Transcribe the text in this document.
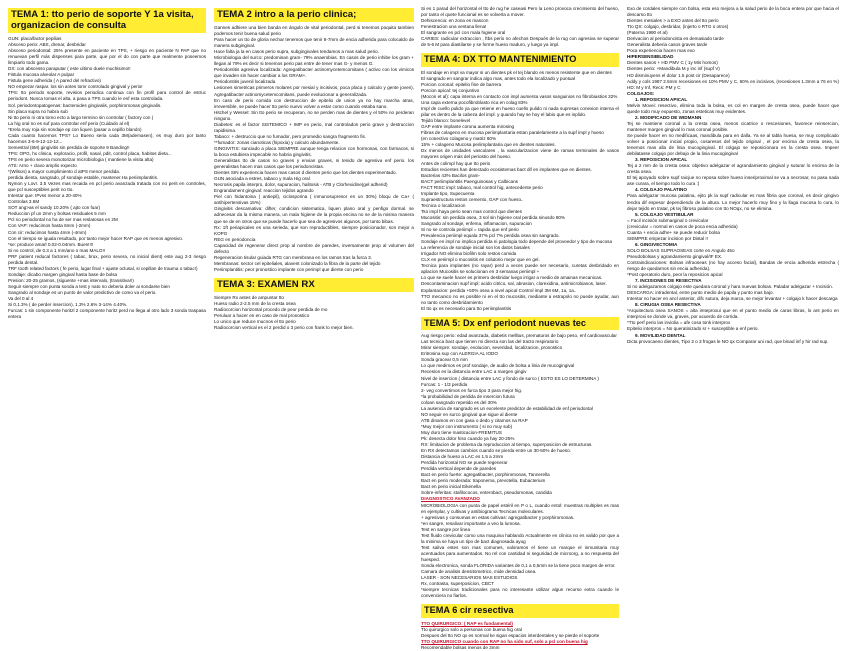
TEMA 1: tto perio de soporte Y 1a visita, organizacion de consulta
GUN: placa/factor pepilias
Absceso perio: ABS, drenar, desbridar
Absceso periodontal: 25% presente en paciente en TPS, + riesgo en paciente N PAP que no renuevan perfil más dispenses para parte, que por el do con parte que realmente poseemos limpiarlo todo gama.
DX: con abscesso paraputar ( este ultimo duele muchisimo!!
Fistula mucosa alveolar A pulpar
Fistula gene adherida ( A pared del refractivo)
NO empezar raspar. los sin antes tomr controlado gingival y perio!
TPS: tto periodo soporte, revision periodica continua con fin profil para control de estruc periodont. Nunca tomas el alta, a pasa a TPS cuando le enf esta controlada.
Sol. periodontopatogenas: bacteroides gingivalis, porphiromonas gingivalis.
Sin placa supra no habra sub
Ni tto perio ni otra tomo ecto a largo termino sin controlar ( factory con )
La hig oral no es suf para controlar enf perio (Cuidado al el)
*Erela muy roja sin sondaje ep con liquen (pasar a cepillo blando)
Cada cuanto hacemos TPS? Lo Bueno seria cada 3M(ademasen), es muy duro por tanto hacemos 3-6-9-12-12-12...
Semestral (6M) gingivitis sin perdida de soporte 9 Banding!!
TPS: OPG, hx clinica, exploracio, profil, nasal, pdit, control placa, habitos dieta...
TPS en perio severa monotorizar microbiologia ( mantiene la visita alta)
ATS: Arno + clavo amplio expecto
*(Wilson) a mayor cumplimiento d atPS menor perdida.
perdida dienta, sangrado, pf sondaje estable, mantener.Ha periimplantitis.
Nymon y Lovr. 3.5 Vezes mas recaida en pcl perio avanzada tratada con no perit en controles, que pcl susceptibles perit no tto.
Intentar que: IPvss menor a 20-40%
Controlas 3.6M
SOT ang>as el sandy 10.20% ( ajto con fuar)
Reduccion pf un 2mm y bolsas residuales 5 mm
Pcl no periodontal no ha de ser mas reslatosas en 2M
Con VAP: reducimos hasta 6mm (-2mm)
Con cir: reducimos hasta 4mm (-4mm)
Con el tiempo se iguala resultado, por tanto mejor hacer RAP que es menos agresivo.
*se: produce amarl 0.02-0.04mm. Buen!!!!
Si no control, de 0.3 a 1 mm/ano o mas MALO!!
PRF patient reducal factores ( tabac, brux, perio severa, no inicial dient) este aug 2-3 riesgo perdida dental.
TRF tooth related factors ( fe perio, lugar final + ajuste oclusal, si cepillan de trauma o tabac!)
Sondaje: dicabo margen gingival hasta base de bolsa
Presion: 20-25 gramos, (siguente +mas intervalo, (transitiva!!)
Seguir siempre con punta sonda a test y nato no deberia doler ai sondarse bien
Sangrado al sondaje es un punto de valor predictivo de como va el perio.
Va del 0 al 4
Si 0.1.3% ( de perder insercion), 1.3% 2.6% 3-14% 4.40%.
Furcas: 1 sin componente horitzl 2 componente horitz perd no llega al otro lado 3 sonda traspasa entera
TEMA 2 intro a la perio clinica;
Gannes adhiere una bien banda en ángulo de vital periodontal, perd si tenemos poquita tambien podemos tenir buena salud perio
Para hacer un tto de gloria nechar tenemos que tenir 8-7mm de encia adherida para colocaldo de manera subgingival.
Hace falta ja la en casos perio supra, subgingivales tendamos a mas salud perio.
Microbiologia del surco: predominan gram- 79% anaerobias. En casos de perio inhibe los gram + llegan al 79% es decir si tenemos perio pas entre de tener mas G- y menos G.
Periodontitis agresiva localizada: Agregatibacter actinomycetemcomitans ( activo con los vimicos que invaden sin hacer cambiar a los GRAM+.
Periodontitis juvenil localizada
Lesiones simetricas primeros molares por mesial y incisivos, poca placa y calculo y gente joven), Agregatibacter actinomycetemcomitans, puede evolucionar a generalizada.
En caso de perio comida con destruccion de epitelio de union ya no hay marcha atras, irreversible, se puede hacer tto perio nuevo volver a estar como cuando estaba sano.
Hitchel y Wessel: Sin tto perio se recuperan, no se perden mas de dientes y el 50% no perderan ninguno.
Diabetes: es el factor SISTEMICO + IMP en perio, mal controlados perio grave y destruccion rapidisima.
Tabaco: + destruccio que no fumador, pero promedio sangra fragmento fis.
**fumador: zonas cianoticas (hipoxia) y calculo abundamente.
GINGIVITIS: sanciado a placa SIEMPRE aunque tenga relacion con hormonas, con farmacos, si la boca estubiera impecable no habria gingivitis.
Generalistas tto de casos no graves y envian graves, ni tenido de agresiva enf perio. los generalistas hacen mas casos que los periodoncistas.
Dientes SIN experiencia hacen mas casos d dientes perio que los dientes experimentado.
GUN asociada a estres, tabaco y mala Hig oral
Necrosis papila interpro, dolor, supuracion, halitosis - ATB y Clorhexidine(gel adherid)
Engrandament gingival: reaccion tejidos agrando
Piel con hidantoina ( antiepil), ciclosporina ( inmunosupresor en un 30%) bloqu de Ca+ ( antihipertensivas 15%)
Gingivitis descamativa: difter, condicion sistematica, liquen plano oral y penfigo dormal. se adnecesar da la misma manera, un mala higiene de la propia encina no se de la misma manera que se de en otros que se puede hacerlo que sea de agresivos algunos, por tanto bibas.
Rx: 1ft periapicales es una serieda, que son reproductibles, siempre posicionador, son mejor a KOPG
REG en periodoncia
Capacidad de regenerar direct prop al nombre de paredes, inversamente prop al volumen del defecto
Regeneracion tisular guiada RTG con membrana en los ramos tras la furca 3.
Membranas: sector cel epiteliales, alavent colonizado la fibra de la parte del tejido
Periimplantitis: peor pronostico implante con perimpl que diente con perio
TEMA 3: EXAMEN RX
Siempre Rx antes de ampuntar tto
Hueso radio 2-2.5 mm de la cresta osea
Radiocorcion horizontal procedo de peor perdida de mo
Peruluar a hacer en en caso de mal pronostico
Lo unico que reduce mucnos el tto perio
Radiocorcion vertical es el 2 perdid o 3 perio con frank lo mejor bien.
Si es 1 parad del horizontal el tto de rug he caseasi Pero la Leno provoca crecimiento del hueso, por tanto el quete funcional es se volverla a mover.
Dehiscencia: en zona es mascon
Fenestracion una ventana llena!
El sangrante en pcl con mala higiene oral
CARIES: radicular extraccion , ftbs perio no afechos Después de la rug con agresiva se superar de 5-6 M para diastilarse y se forme hueso maduro, y luego ya impl.
TEMA 4: DX TTO MANTENIMIENTO
El sondaje en impl va mayor si un dientes pk el tej blando es menos resistente que en dientes
El sangrado en sangrar indica algo mas, antes todo ela localizado y puntual
Porcion coronal: epitelio fine de barrera
Porcion apical: tej conjuntivo
(Mocon et al): capa interna en contacto con impl aumenta vasos sanguinios no fibrobiastios 32%
Una capa externa pocofibroblasto rica en colag 83%
Impl de cuello pulido ya que retiene en hueso cuello pulido ni nada supresas conexion interna el pilar es dentro de la cabeza del impl. y quando hay se hoy el labio que es inplido.
Tejido blanco: bonelevel
GAP entre implante corona aumenta mirosing
Fibras de colageno en mucosa periimplantaria estan paralelamente a la supf impl y hueso
(en conectivo colageno y matriz 60%
15% + colageno Mucosa periimplantaria que en dientes naturales.
Dx menos de unidades vasculares , la vascularizacion viene de ramas terminales de vasos mayores origen más del periostio del hueso.
Antes de colimpl hay que tto perio
Estudios recientes han detectado ecosistemas bact dif en implantes que en dientes.
Bacterias 43% Bacilos gram-
BACT periimplantitis Paenguinosas y Calbicans
FACT RISC impl: tabaco, mal control hig, antecedente perio
Implante tipo, Supecuenta
Supraestructura restos cemento, GAP con hueso..
Tecnica o localizacion
Tso impl haya perio sean mas control que dientes
Mucositis: sin perdida osea, 3 sol sin higiene oral perdida sinusdo 80%
Sangrado al sondaje, enfema, inflamacion, supuracion
Si no se controla periimpl = rapida que enf perio
Prevalencia periimpl equala 37% pcl 7% perdida osea sin sangrado.
Sondaje en impl no implica perdida ni patologia todo depende del proveedor y tipo de mucosa
La referencia de sondaje inicial son los datos basales
Irrigador NO elimina biofilm solo restos comida
CLX en periimpl o mucositis en colutorio mejor que en gel.
Tecnica para implantes (no rayar) perd a veces puede ser necesario, curetas desbridado en aplacion Mucositis se solucionan en 3 semanas periimpl +
Lo que se suele hacer es primero desbridar luego irrigar a medio de amainas mecanicas.
Descontaminacion supf impl: acido citrico, sal, abrasion, clorexidina, antimicrobianos, laser.
Explantacion: perdida +50% osea a nivel apical Control impl 3M 6M, 1a, 1a..
TTO mecanico no es posible ni en el tto mucositis, mediante a estrapolo no puede ayudar, aun no tanto como desbridamiento
El tto qx es necesario para tto periimplantitis
TEMA 5: Dx enf periodont nuevas tec
Aug riesgo perio: edad avanzada, diabetis mellitus, prematuros de bajo peso, enf cardiovascular
Las tecnica bact que tienen mi directa son las del tracto respiratorio
Mirar siempre: sondaje, evolucion, severidad, localizacion, pronostico
Eritrosina sup con ALERGIA AL IODO
Sonda gracear 0,5 mm
Lo que medimos es prof sondaje, de audio de bolsa a linia de mucogingival
Recesion es la distancia entre LAC a margen gingiv
Nivel de insercion ( distancia entre LAC y fondo de surco ( ESTO ES LO DETERMINA )
Furcas: 1 - 1/3 perdida
2- veg convertimos en furca tipo 3 para mejor hig.
*la probabilidad de perdida de insercion futura
coloan sangrado repetido es del 30%
La ausencia de sangrado es un excelente predictor de estabilidad de enf periodontal
NO seguir en surco gingival que sigue al diente
ATB dinamos en con gasa o dedo y citamos na RAP
*Muy mejor con instrumento ( si no muy sub)
Muy duro tiene masticacion-FREMITUS
Pk: desecta dolor hiso cuando ya hay 20-25%
RX: limitacion de problema da reproduccion al tiempo, superposicion de estructuras.
En RX detectamos cambios cuando se pierda entre un 30-50% de hueso.
Distancia de hueso a LAC es 1.5 a 2mm
Perdida horizontal NO se puede regenerar
Perdida vertical depende de paredes
Bact en perio fuerte: agregatibacter, porphiromonas, Tannerella
Bact en perio moderada: traponema, prevotella, Eubacterium
Bact en perio inicial Eikenella
Sobre-inferitas: stafilococos, enterobact, pseudomonas, candida
DIAGNOSTICO AVANZADO
MICROBIOLOGIA con punta de papel estéril en P o L, cuando entol: muestras multiples es mas en ejemplar, y cultivas y antibiograma Tecnicas moleculares.
+ agresivas y consumas en estas cultivas: agregatibacter y porphiromonas.
*en sangre, resalivar importante a veo la lumosa.
Test en sangre por linea
Test fluido crevicular como una maquina hablando Actualmente en clinica no es valido por que a la minima se haya un tipo de bact diagnosada ayug
Test saliva estes son mas comunes, valoramos el tiene un marque el inmunitaria muy acentuados para aumentados. No rel con cantidad ni seguridad de microorg, a no respuesta del huesped.
Sonda electronica, sonda FLORIDA variantes de 0,1 a 0,5mm se la tiene poco margen de error.
Camara de analisis densitometrico, mide densidad osea.
LASER - SON NECESARIOS MAS ESTUDIOS
Rx, contrasta, superposicion, CBCT
*siempre tecnicas tradicionales para no interesante utilizar algun recurso extra cuando le convenciera no fiarlos.
TEMA 6 cir resectiva
TTO QUIRURGICO: ( RAP es fundamental)
Tto quirurgico solo a personas con buena hig oral
Despues del tto NO qx es normal ke sigan espacios interdentales y se pierde el soporte
TTO QUIRURGICO cuando con RAP no ha sido suf, solo a pcl con buena hig
Recomendable bolsas menos de 3mm
Exo de cordales siempre con bolsa, esta eso mejora a la salud perio de la boca entera por que hacia el descarso tto
Dientes mesiales > a EXO antes del tto perio
Tto QX: colgajo, desbridar, (injerto o RTG o otros)
(Paterna 1990 et al)
Derivacion al periodoncista es demasiado tarde
Generalista deberia casos graves tarde
Poca experiencia hacen mas exo
HIPERSENSIBILIDAD
Dientes sanos + HD PMV C ( 1y Mis homos)
Dientes perio: +Mandibula M y inc inf (supf V)
HD disminuyens el dolor 1.5 post cir (Desaparece)
Addy y cols 1987 2.5mm recesiones en 10% PMV y C, 60% en incisivos, (recesiones 1.3mm a 76 en %)
HD: M y Inf, Recs: PM y C
COLGAJOS:
1. REPOSICION APICAL
Melvin Movei: resectivo, elimina toda la bolsa, es col en margen de cresta osea, puede hacer que quede todo muy expuesto, zonas esteticas muy evidentes.
2. MODIFICADO DE WIDMANN
Tej se mantiene coronal a la cresta osea, menos cicatrice o rescesiones, favorece reinsercion, mantener margen gingival lo mas coronal posible.
Se puede hacer en no medificaas, mandibula para en dalla. Ya se al tabla huesa, se muy complicado volver a posicionar inicial propio, cosaresos del tejido original , el por encima de cresta osea, la tenemos mas alla de linia mucogingival. El colgajo se reposicionara en la cresta osea. Impeer debilatasse colgajo por debajo de la linia mucogingival
3. REPOSICION APICAL
Tej a 2 mm de la cresta osea: objetivo adelgazar el agrandamiento gingival y suturar lo encima de la cresta osea.
El tej apoyado sobre supf raicjue no reposa sobre hueso inseriproximal se va a necrosar, no pasa nada ase curara, el tiempo todo lo cura :)
4. COLGAJO PALATINO
Para adelgazar mucosa palatina, ejito pk la supf radicular es mas fibria que coronal, es decir gingivo tendra dif espesor dependiendo de la altura. Lo mejor hacerlo muy fino y la llaga mucosa lo cura, lo dejar tejido en tratar, pk tej fibroso palatino con tto NOqx, no se elimina.
5. COLGAJO VESTIBULAR
= Facil incisión submarginal o crevicular
(crevicular = normal en casos de poca encia adherida)
Cuanta + encia adhe+ se puede reducir bolsa
SIEMPRE empezar incision por Distal !!
6. GINGIVECTOMIA
SOLO BOLSAS SUPRAOSEAS corte en Angulo 45o
Pseudobolsas y agrandamiento gingival/IF EX.
Contraindicaciones: Bolsas infraoseas (no hay acceso facial), Bandas de encia adherida estrecha ( riesgo de quedarnos sin encia adherida).
*Post operatorio duro, peor la reposicion apical
7. INCISIONES DE RESECTIVA
Si no adelgazamos colgajo este quedara coronal y hara nuevas bolsas. Paladar adelgazar + Incisión.
DESCARGA: intradental, entre punto medio de papila y punto mas bajo.
Intentar no hacer en ancl anterior, difc sutura, deja marca, se mejor levantar + colgajo k hacer descarga
8. CIRUGIA OSEA RESECTIVA
*Arquitectura osea SANOS = alta imteproxui que en el punto medio de caras libras, lo ant perio en interproxi se donde va, graves, por acuerdo de corrida.
*Tto perf perio las inviolia = afe cosa tonk interprox
Epitelio interpros = No queratinizado sr + susceptible a enf perio.
9. MOVILIDAD DENTAL
Dicta provocaeno dientes, Tipo 2 o 3 frogas le NO qx Comparar uni rad, que binad inf y hir rad sup.
